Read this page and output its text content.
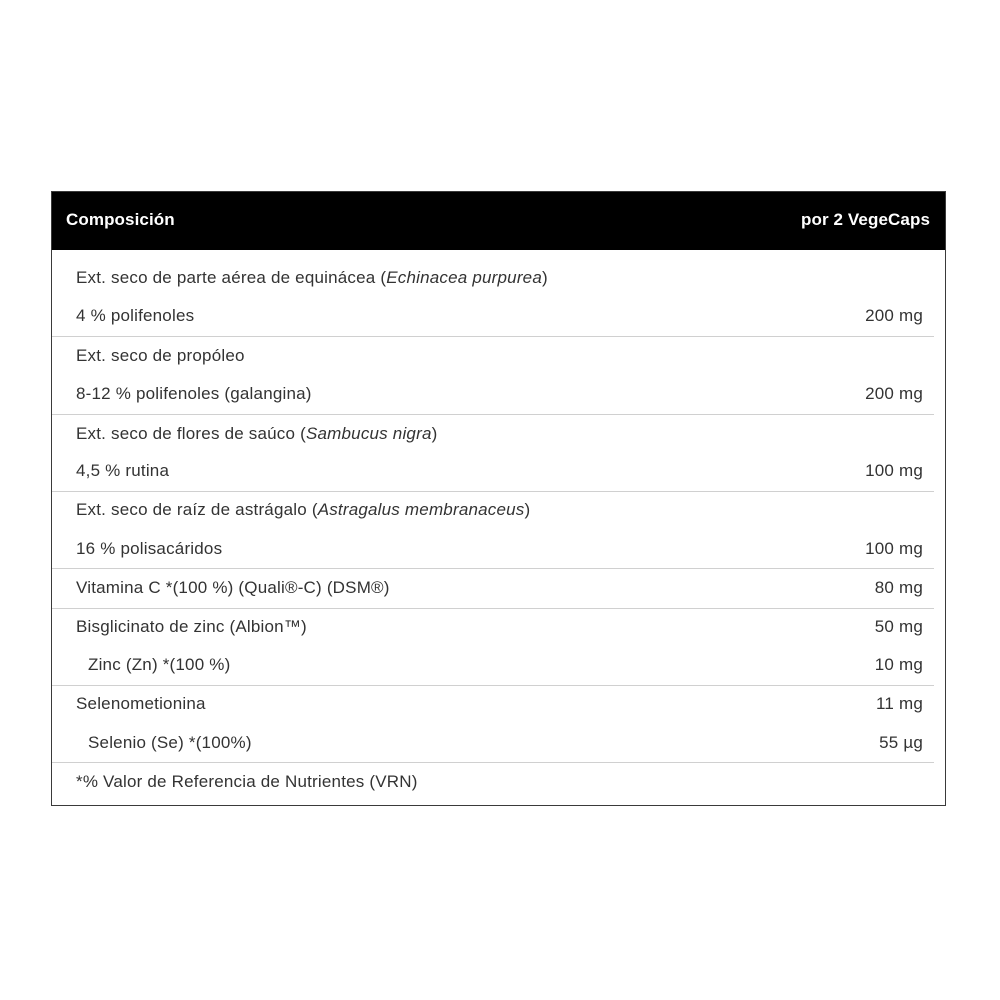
Composición	por 2 VegeCaps
Ext. seco de parte aérea de equinácea (Echinacea purpurea)
4 % polifenoles	200 mg
Ext. seco de propóleo
8-12 % polifenoles (galangina)	200 mg
Ext. seco de flores de saúco (Sambucus nigra)
4,5 % rutina	100 mg
Ext. seco de raíz de astrágalo (Astragalus membranaceus)
16 % polisacáridos	100 mg
Vitamina C *(100 %) (Quali®-C) (DSM®)	80 mg
Bisglicinato de zinc (Albion™)	50 mg
Zinc (Zn) *(100 %)	10 mg
Selenometionina	11 mg
Selenio (Se) *(100%)	55 µg
*% Valor de Referencia de Nutrientes (VRN)
